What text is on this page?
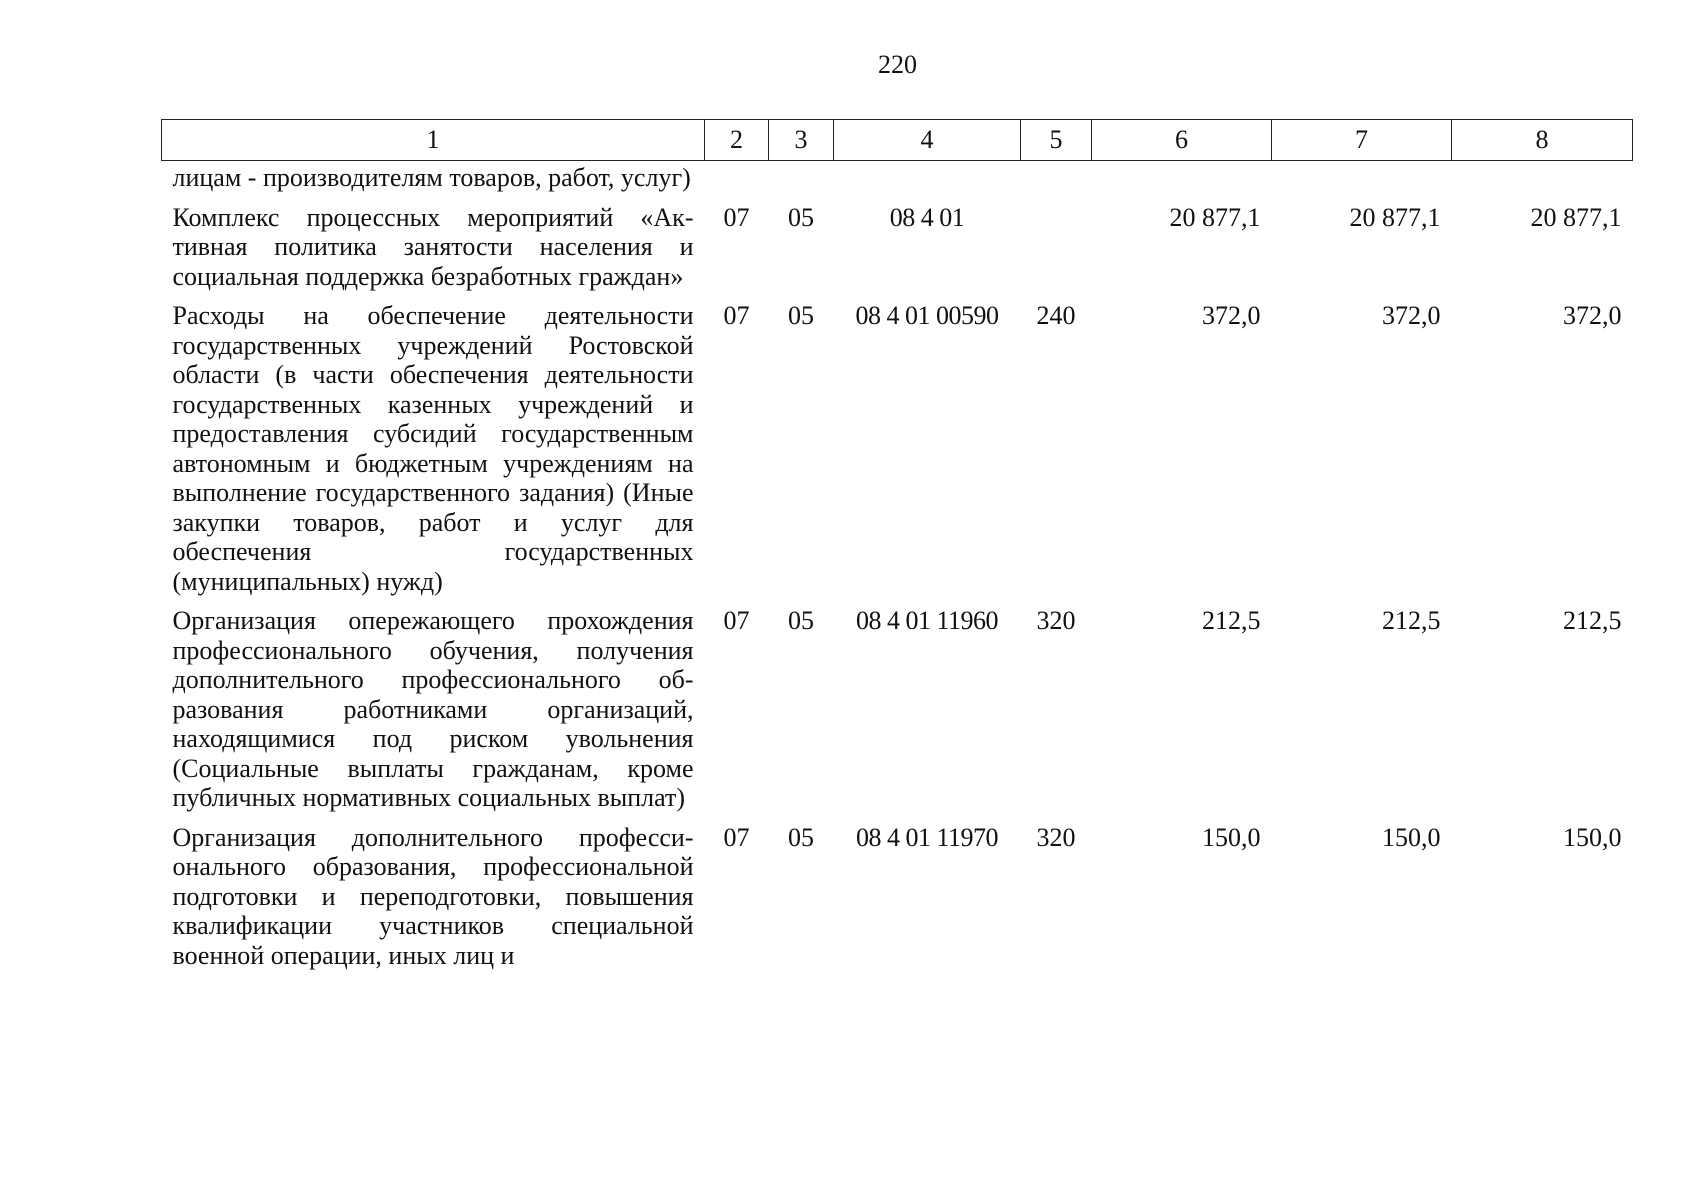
220
1	2	3	4	5	6	7	8

лицам - производителям товаров, работ, услуг)							

Комплекс процессных мероприятий «Активная политика занятости населения и социальная поддержка безработных граждан»	07	05	08 4 01		20 877,1	20 877,1	20 877,1

Расходы на обеспечение деятельности государственных учреждений Ростовской области (в части обеспечения деятельности государственных казенных учреждений и предоставления субсидий государственным автономным и бюджетным учреждениям на выполнение государственного задания) (Иные закупки товаров, работ и услуг для обеспечения государственных (муниципальных) нужд)	07	05	08 4 01 00590	240	372,0	372,0	372,0

Организация опережающего прохождения профессионального обучения, получения дополнительного профессионального образования работниками организаций, находящимися под риском увольнения (Социальные выплаты гражданам, кроме публичных нормативных социальных выплат)	07	05	08 4 01 11960	320	212,5	212,5	212,5

Организация дополнительного профессионального образования, профессиональной подготовки и переподготовки, повышения квалификации участников специальной военной операции, иных лиц и	07	05	08 4 01 11970	320	150,0	150,0	150,0
